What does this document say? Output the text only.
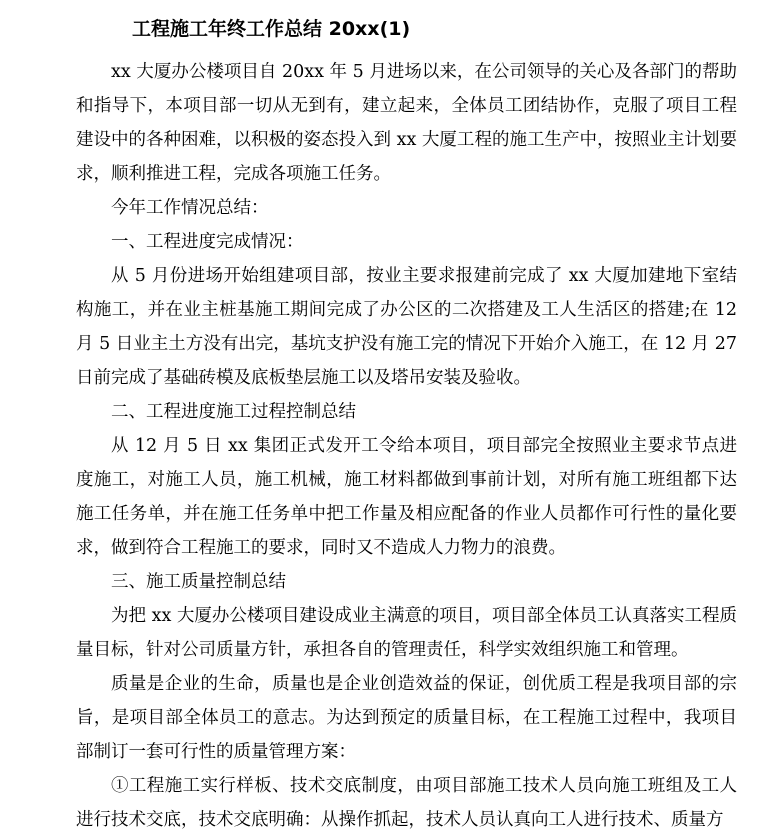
工程施工年终工作总结 20xx(1)

xx 大厦办公楼项目自 20xx 年 5 月进场以来，在公司领导的关心及各部门的帮助和指导下，本项目部一切从无到有，建立起来，全体员工团结协作，克服了项目工程建设中的各种困难，以积极的姿态投入到 xx 大厦工程的施工生产中，按照业主计划要求，顺利推进工程，完成各项施工任务。

今年工作情况总结：

一、工程进度完成情况：

从 5 月份进场开始组建项目部，按业主要求报建前完成了 xx 大厦加建地下室结构施工，并在业主桩基施工期间完成了办公区的二次搭建及工人生活区的搭建;在 12 月 5 日业主土方没有出完，基坑支护没有施工完的情况下开始介入施工，在 12 月 27 日前完成了基础砖模及底板垫层施工以及塔吊安装及验收。

二、工程进度施工过程控制总结

从 12 月 5 日 xx 集团正式发开工令给本项目，项目部完全按照业主要求节点进度施工，对施工人员，施工机械，施工材料都做到事前计划，对所有施工班组都下达施工任务单，并在施工任务单中把工作量及相应配备的作业人员都作可行性的量化要求，做到符合工程施工的要求，同时又不造成人力物力的浪费。

三、施工质量控制总结

为把 xx 大厦办公楼项目建设成业主满意的项目，项目部全体员工认真落实工程质量目标，针对公司质量方针，承担各自的管理责任，科学实效组织施工和管理。

质量是企业的生命，质量也是企业创造效益的保证，创优质工程是我项目部的宗旨，是项目部全体员工的意志。为达到预定的质量目标，在工程施工过程中，我项目部制订一套可行性的质量管理方案：

①工程施工实行样板、技术交底制度，由项目部施工技术人员向施工班组及工人进行技术交底，技术交底明确：从操作抓起，技术人员认真向工人进行技术、质量方
